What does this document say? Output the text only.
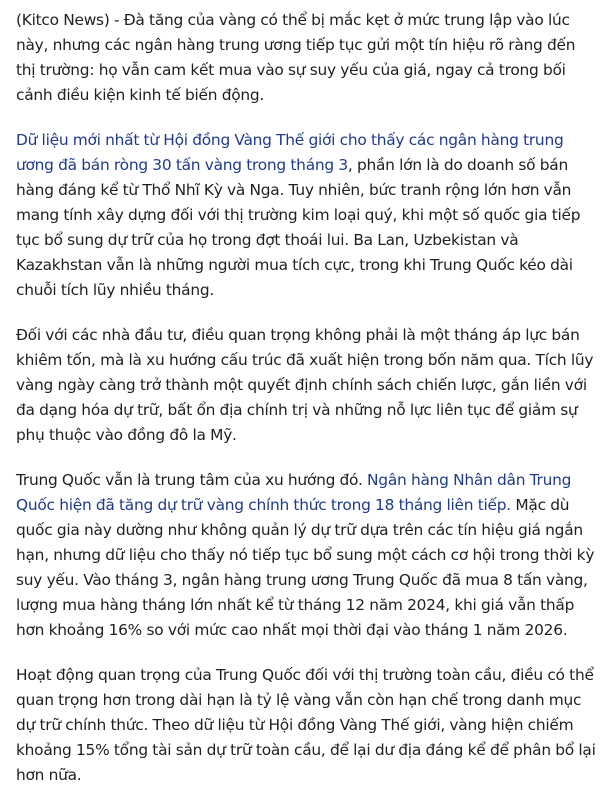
(Kitco News) - Đà tăng của vàng có thể bị mắc kẹt ở mức trung lập vào lúc này, nhưng các ngân hàng trung ương tiếp tục gửi một tín hiệu rõ ràng đến thị trường: họ vẫn cam kết mua vào sự suy yếu của giá, ngay cả trong bối cảnh điều kiện kinh tế biến động.

Dữ liệu mới nhất từ Hội đồng Vàng Thế giới cho thấy các ngân hàng trung ương đã bán ròng 30 tấn vàng trong tháng 3, phần lớn là do doanh số bán hàng đáng kể từ Thổ Nhĩ Kỳ và Nga. Tuy nhiên, bức tranh rộng lớn hơn vẫn mang tính xây dựng đối với thị trường kim loại quý, khi một số quốc gia tiếp tục bổ sung dự trữ của họ trong đợt thoái lui. Ba Lan, Uzbekistan và Kazakhstan vẫn là những người mua tích cực, trong khi Trung Quốc kéo dài chuỗi tích lũy nhiều tháng.

Đối với các nhà đầu tư, điều quan trọng không phải là một tháng áp lực bán khiêm tốn, mà là xu hướng cấu trúc đã xuất hiện trong bốn năm qua. Tích lũy vàng ngày càng trở thành một quyết định chính sách chiến lược, gắn liền với đa dạng hóa dự trữ, bất ổn địa chính trị và những nỗ lực liên tục để giảm sự phụ thuộc vào đồng đô la Mỹ.

Trung Quốc vẫn là trung tâm của xu hướng đó. Ngân hàng Nhân dân Trung Quốc hiện đã tăng dự trữ vàng chính thức trong 18 tháng liên tiếp. Mặc dù quốc gia này dường như không quản lý dự trữ dựa trên các tín hiệu giá ngắn hạn, nhưng dữ liệu cho thấy nó tiếp tục bổ sung một cách cơ hội trong thời kỳ suy yếu. Vào tháng 3, ngân hàng trung ương Trung Quốc đã mua 8 tấn vàng, lượng mua hàng tháng lớn nhất kể từ tháng 12 năm 2024, khi giá vẫn thấp hơn khoảng 16% so với mức cao nhất mọi thời đại vào tháng 1 năm 2026.

Hoạt động quan trọng của Trung Quốc đối với thị trường toàn cầu, điều có thể quan trọng hơn trong dài hạn là tỷ lệ vàng vẫn còn hạn chế trong danh mục dự trữ chính thức. Theo dữ liệu từ Hội đồng Vàng Thế giới, vàng hiện chiếm khoảng 15% tổng tài sản dự trữ toàn cầu, để lại dư địa đáng kể để phân bổ lại hơn nữa.
